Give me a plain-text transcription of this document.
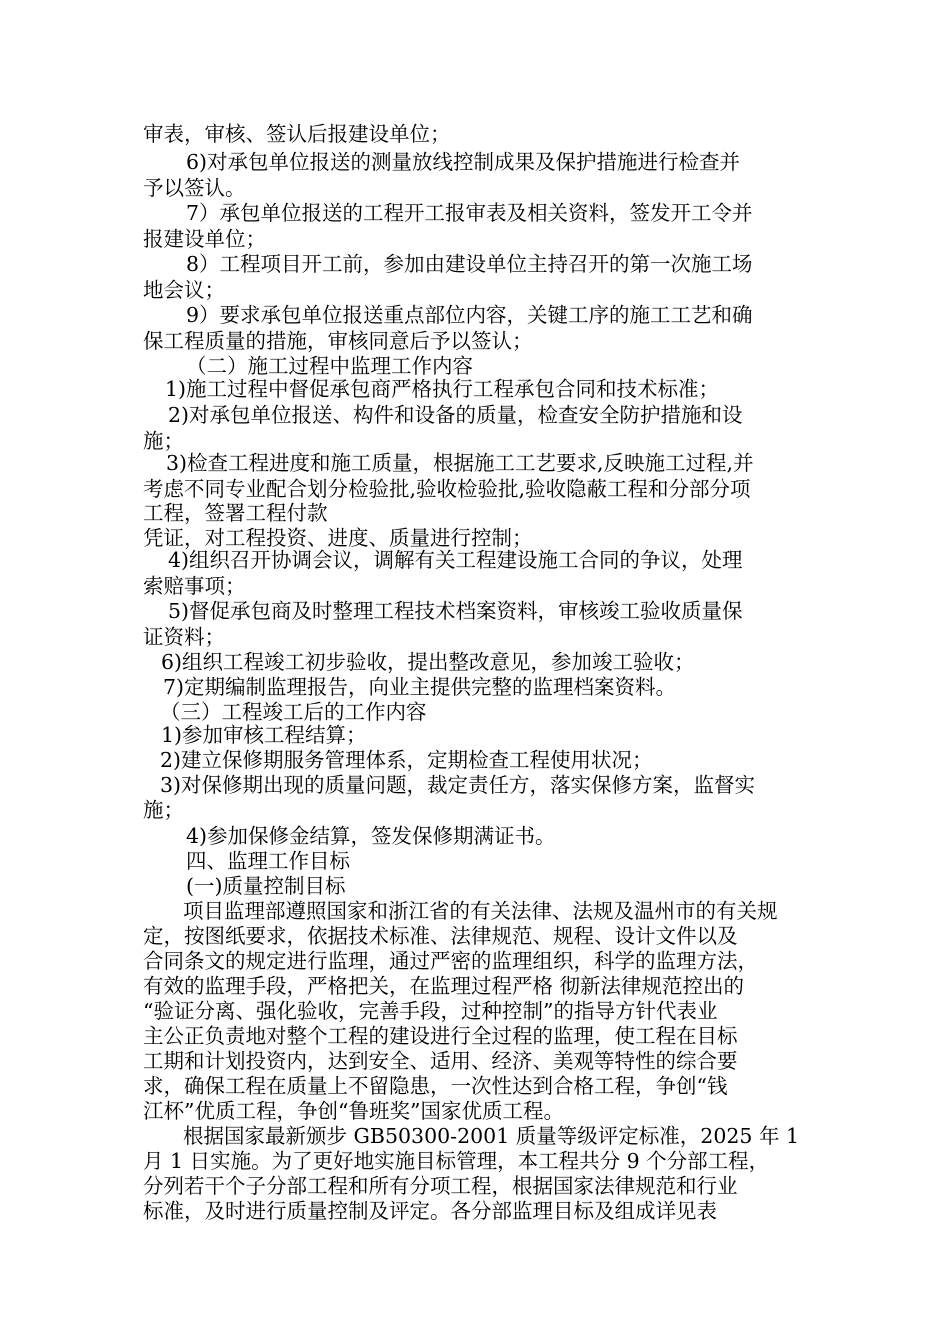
审表，审核、签认后报建设单位；
6)对承包单位报送的测量放线控制成果及保护措施进行检查并
予以签认。
7）承包单位报送的工程开工报审表及相关资料，签发开工令并
报建设单位；
8）工程项目开工前，参加由建设单位主持召开的第一次施工场
地会议；
9）要求承包单位报送重点部位内容，关键工序的施工工艺和确
保工程质量的措施，审核同意后予以签认；
（二）施工过程中监理工作内容
1)施工过程中督促承包商严格执行工程承包合同和技术标准；
2)对承包单位报送、构件和设备的质量，检查安全防护措施和设
施；
3)检查工程进度和施工质量，根据施工工艺要求,反映施工过程,并
考虑不同专业配合划分检验批,验收检验批,验收隐蔽工程和分部分项
工程，签署工程付款
凭证，对工程投资、进度、质量进行控制；
4)组织召开协调会议，调解有关工程建设施工合同的争议，处理
索赔事项；
5)督促承包商及时整理工程技术档案资料，审核竣工验收质量保
证资料；
6)组织工程竣工初步验收，提出整改意见，参加竣工验收；
7)定期编制监理报告，向业主提供完整的监理档案资料。
（三）工程竣工后的工作内容
1)参加审核工程结算；
2)建立保修期服务管理体系，定期检查工程使用状况；
3)对保修期出现的质量问题，裁定责任方，落实保修方案，监督实
施；
4)参加保修金结算，签发保修期满证书。
四、监理工作目标
(一)质量控制目标
项目监理部遵照国家和浙江省的有关法律、法规及温州市的有关规
定，按图纸要求，依据技术标准、法律规范、规程、设计文件以及
合同条文的规定进行监理，通过严密的监理组织，科学的监理方法，
有效的监理手段，严格把关，在监理过程严格 彻新法律规范控出的
“验证分离、强化验收，完善手段，过种控制”的指导方针代表业
主公正负责地对整个工程的建设进行全过程的监理，使工程在目标
工期和计划投资内，达到安全、适用、经济、美观等特性的综合要
求，确保工程在质量上不留隐患，一次性达到合格工程，争创“钱
江杯”优质工程，争创“鲁班奖”国家优质工程。
根据国家最新颁步 GB50300-2001 质量等级评定标准，2025 年 1
月 1 日实施。为了更好地实施目标管理，本工程共分 9 个分部工程，
分列若干个子分部工程和所有分项工程，根据国家法律规范和行业
标准，及时进行质量控制及评定。各分部监理目标及组成详见表
